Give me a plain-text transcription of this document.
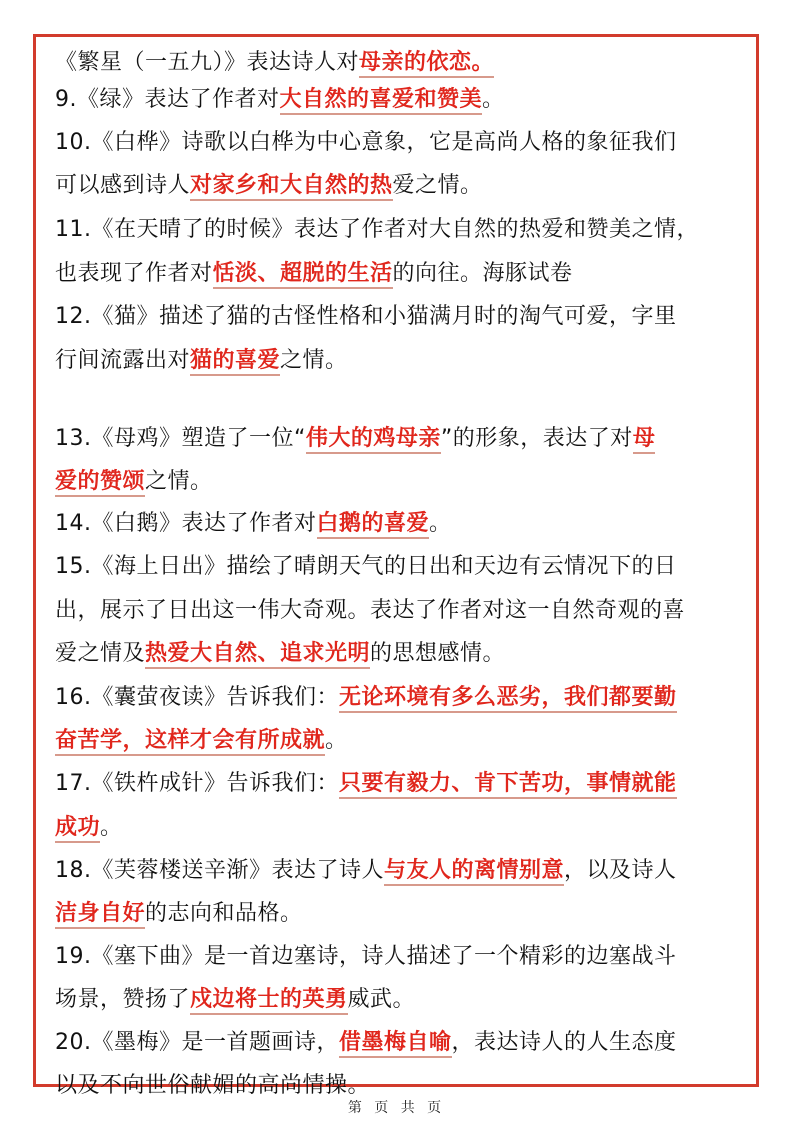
《繁星（一五九）》表达诗人对母亲的依恋。
9.《绿》表达了作者对大自然的喜爱和赞美。
10.《白桦》诗歌以白桦为中心意象，它是高尚人格的象征我们
可以感到诗人对家乡和大自然的热爱之情。
11.《在天晴了的时候》表达了作者对大自然的热爱和赞美之情，
也表现了作者对恬淡、超脱的生活的向往。海豚试卷
12.《猫》描述了猫的古怪性格和小猫满月时的淘气可爱，字里
行间流露出对猫的喜爱之情。
13.《母鸡》塑造了一位“伟大的鸡母亲”的形象，表达了对母
爱的赞颂之情。
14.《白鹅》表达了作者对白鹅的喜爱。
15.《海上日出》描绘了晴朗天气的日出和天边有云情况下的日
出，展示了日出这一伟大奇观。表达了作者对这一自然奇观的喜
爱之情及热爱大自然、追求光明的思想感情。
16.《囊萤夜读》告诉我们：无论环境有多么恶劣，我们都要勤
奋苦学，这样才会有所成就。
17.《铁杵成针》告诉我们：只要有毅力、肯下苦功，事情就能
成功。
18.《芙蓉楼送辛渐》表达了诗人与友人的离情别意，以及诗人
洁身自好的志向和品格。
19.《塞下曲》是一首边塞诗，诗人描述了一个精彩的边塞战斗
场景，赞扬了戍边将士的英勇威武。
20.《墨梅》是一首题画诗，借墨梅自喻，表达诗人的人生态度
以及不向世俗献媚的高尚情操。
第 页 共 页
